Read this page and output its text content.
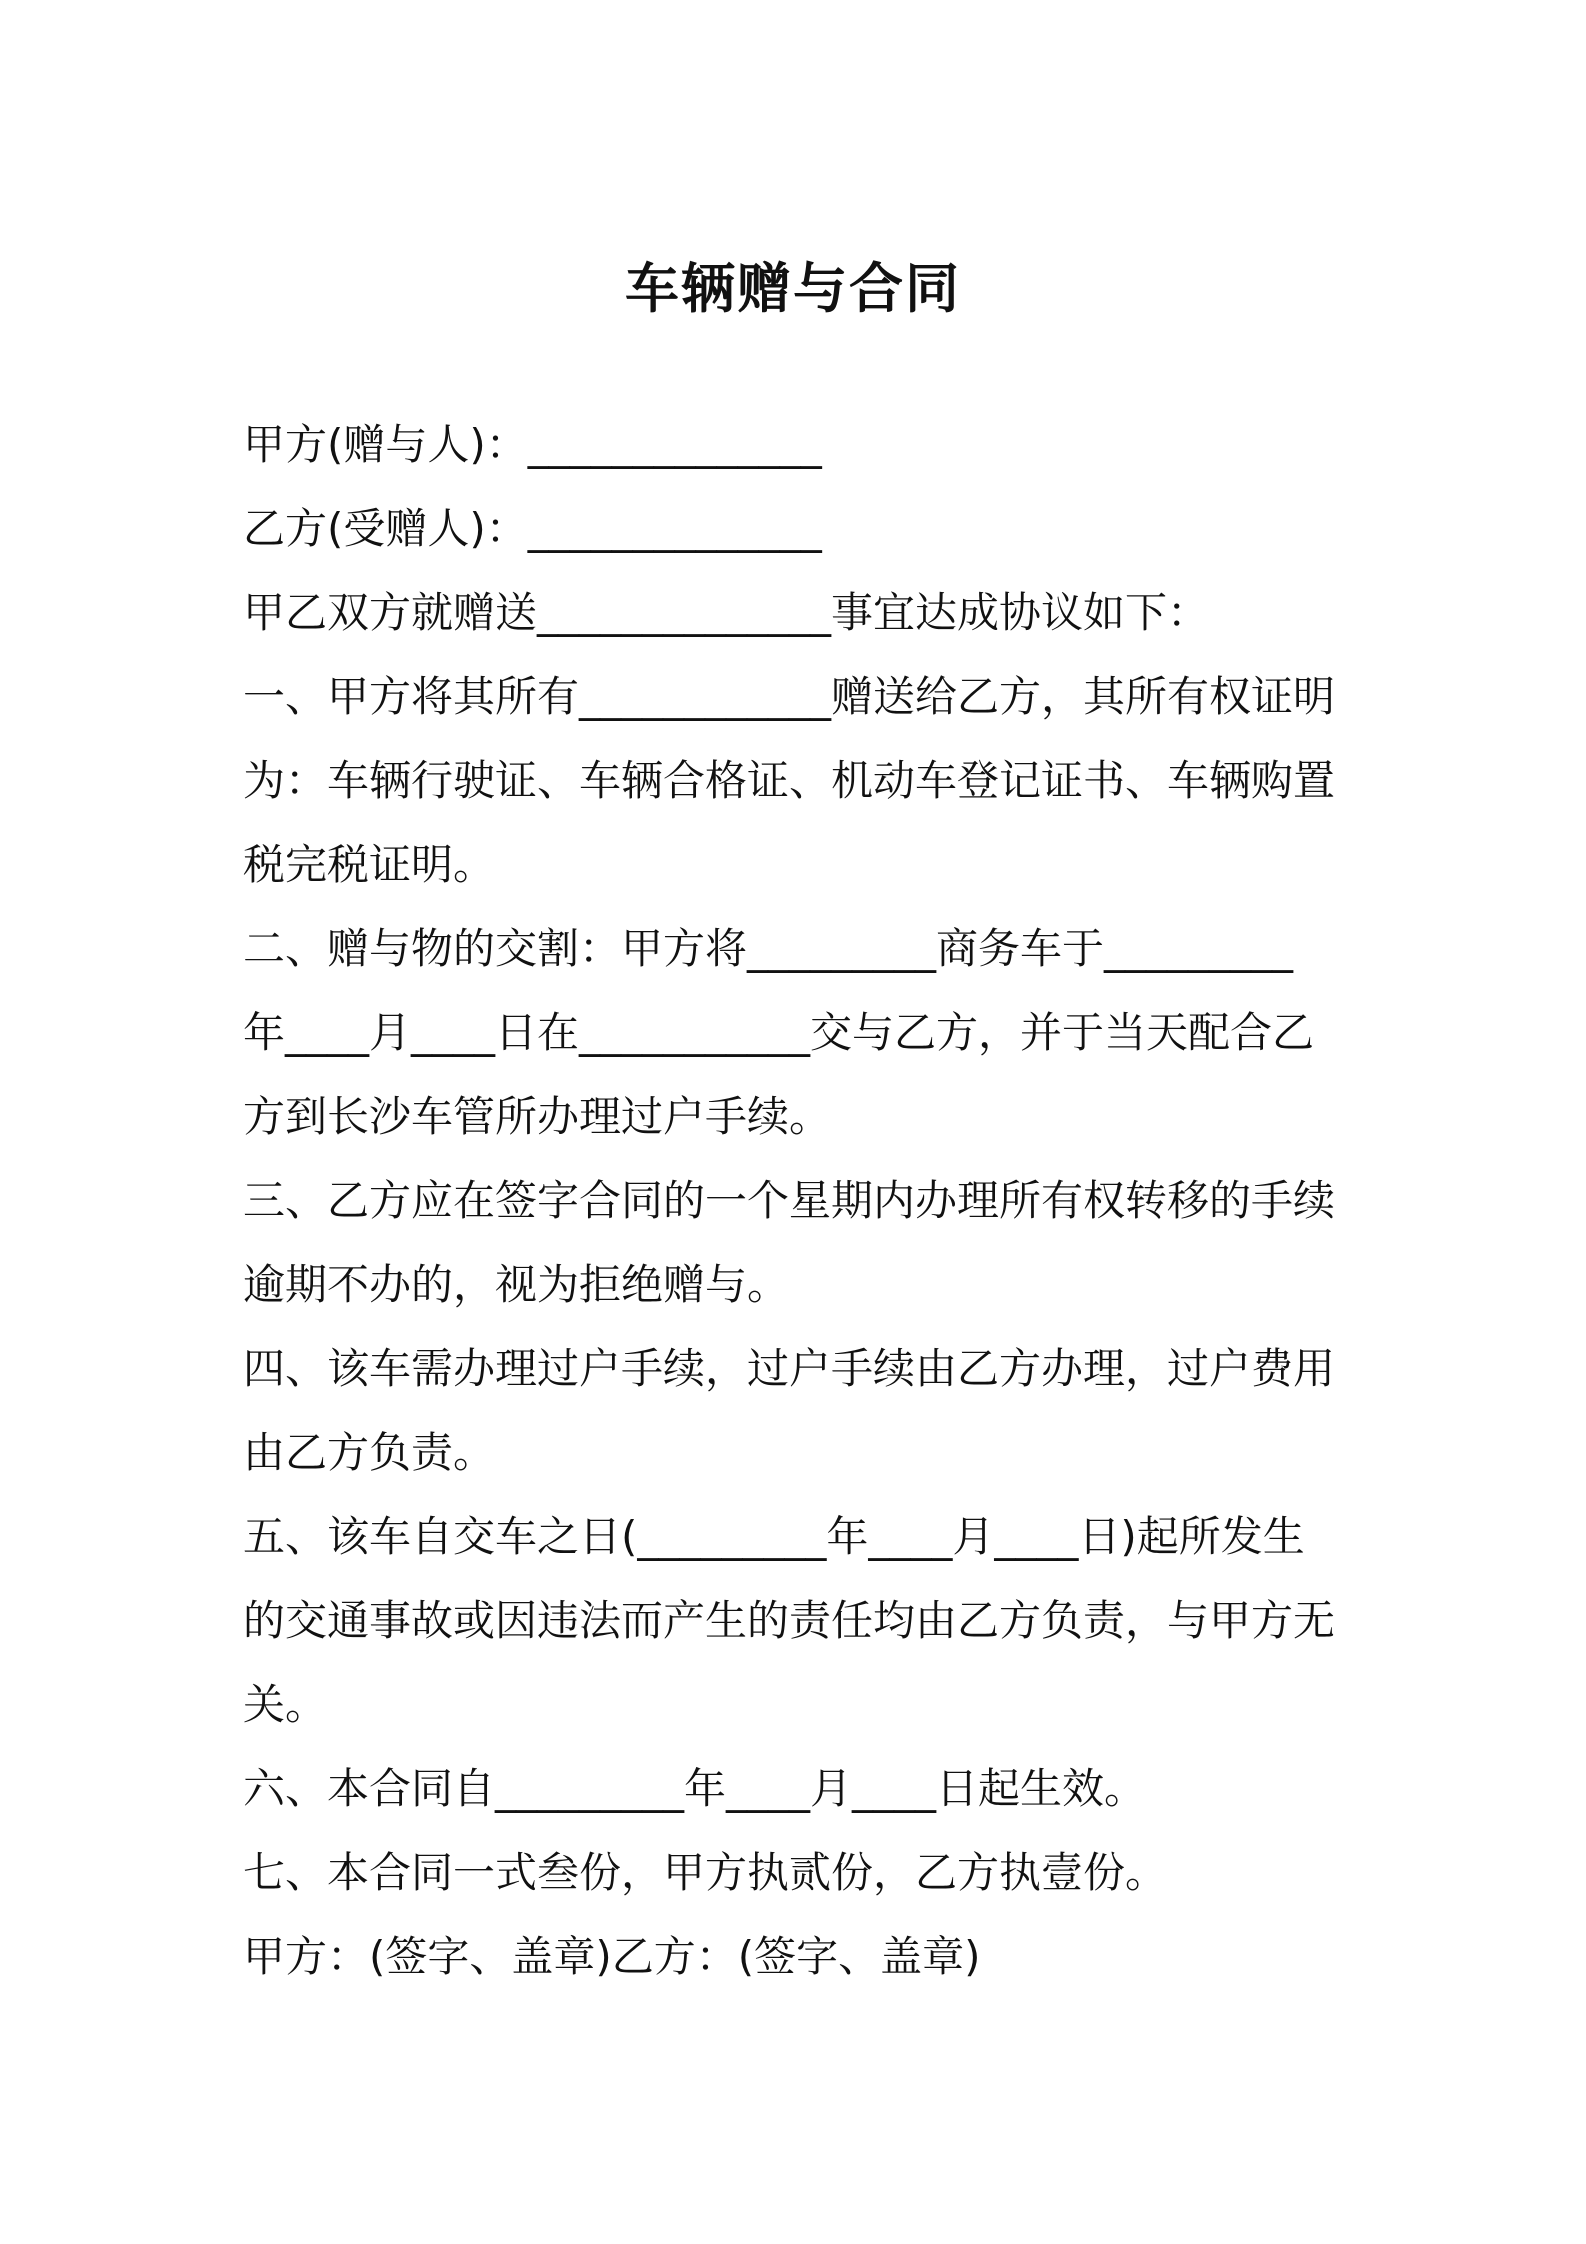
车辆赠与合同
甲方(赠与人)：______________
乙方(受赠人)：______________
甲乙双方就赠送______________事宜达成协议如下：
一、甲方将其所有____________赠送给乙方，其所有权证明
为：车辆行驶证、车辆合格证、机动车登记证书、车辆购置
税完税证明。
二、赠与物的交割：甲方将_________商务车于_________
年____月____日在___________交与乙方，并于当天配合乙
方到长沙车管所办理过户手续。
三、乙方应在签字合同的一个星期内办理所有权转移的手续
逾期不办的，视为拒绝赠与。
四、该车需办理过户手续，过户手续由乙方办理，过户费用
由乙方负责。
五、该车自交车之日(_________年____月____日)起所发生
的交通事故或因违法而产生的责任均由乙方负责，与甲方无
关。
六、本合同自_________年____月____日起生效。
七、本合同一式叁份，甲方执贰份，乙方执壹份。
甲方：(签字、盖章)乙方：(签字、盖章)
